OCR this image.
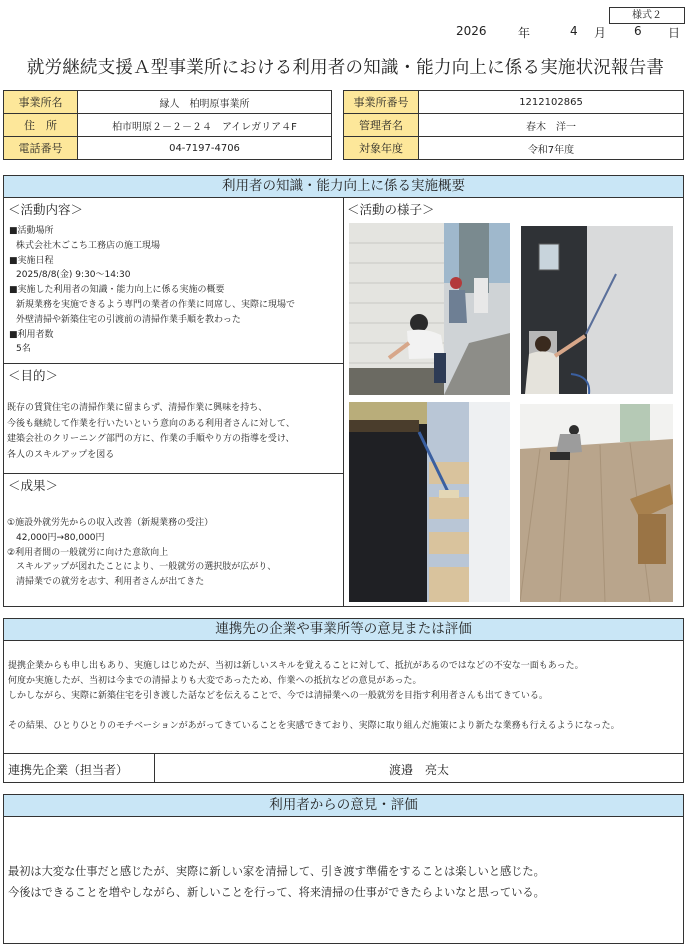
様式２
2026	年	4 月 6 日
就労継続支援Ａ型事業所における利用者の知識・能力向上に係る実施状況報告書
事業所名	縁人　柏明原事業所
住　所	柏市明原２－２－２４　アイレガリア４F
電話番号	04-7197-4706
事業所番号	1212102865
管理者名	春木　洋一
対象年度	令和7年度
利用者の知識・能力向上に係る実施概要
＜活動内容＞
■活動場所
株式会社木ごこち工務店の施工現場
■実施日程
2025/8/8(金) 9:30～14:30
■実施した利用者の知識・能力向上に係る実施の概要
新規業務を実施できるよう専門の業者の作業に同席し、実際に現場で
外壁清掃や新築住宅の引渡前の清掃作業手順を教わった
■利用者数
5名
＜目的＞
既存の賃貸住宅の清掃作業に留まらず、清掃作業に興味を持ち、
今後も継続して作業を行いたいという意向のある利用者さんに対して、
建築会社のクリーニング部門の方に、作業の手順やり方の指導を受け、
各人のスキルアップを図る
＜成果＞
①施設外就労先からの収入改善（新規業務の受注）
　42,000円→80,000円
②利用者間の一般就労に向けた意欲向上
　スキルアップが図れたことにより、一般就労の選択肢が広がり、
　清掃業での就労を志す、利用者さんが出てきた
＜活動の様子＞
連携先の企業や事業所等の意見または評価
提携企業からも申し出もあり、実施しはじめたが、当初は新しいスキルを覚えることに対して、抵抗があるのではなどの不安な一面もあった。
何度か実施したが、当初は今までの清掃よりも大変であったため、作業への抵抗などの意見があった。
しかしながら、実際に新築住宅を引き渡した話などを伝えることで、今では清掃業への一般就労を目指す利用者さんも出てきている。
その結果、ひとりひとりのモチベーションがあがってきていることを実感できており、実際に取り組んだ施策により新たな業務も行えるようになった。
連携先企業（担当者）	渡邉　亮太
利用者からの意見・評価
最初は大変な仕事だと感じたが、実際に新しい家を清掃して、引き渡す準備をすることは楽しいと感じた。
今後はできることを増やしながら、新しいことを行って、将来清掃の仕事ができたらよいなと思っている。
